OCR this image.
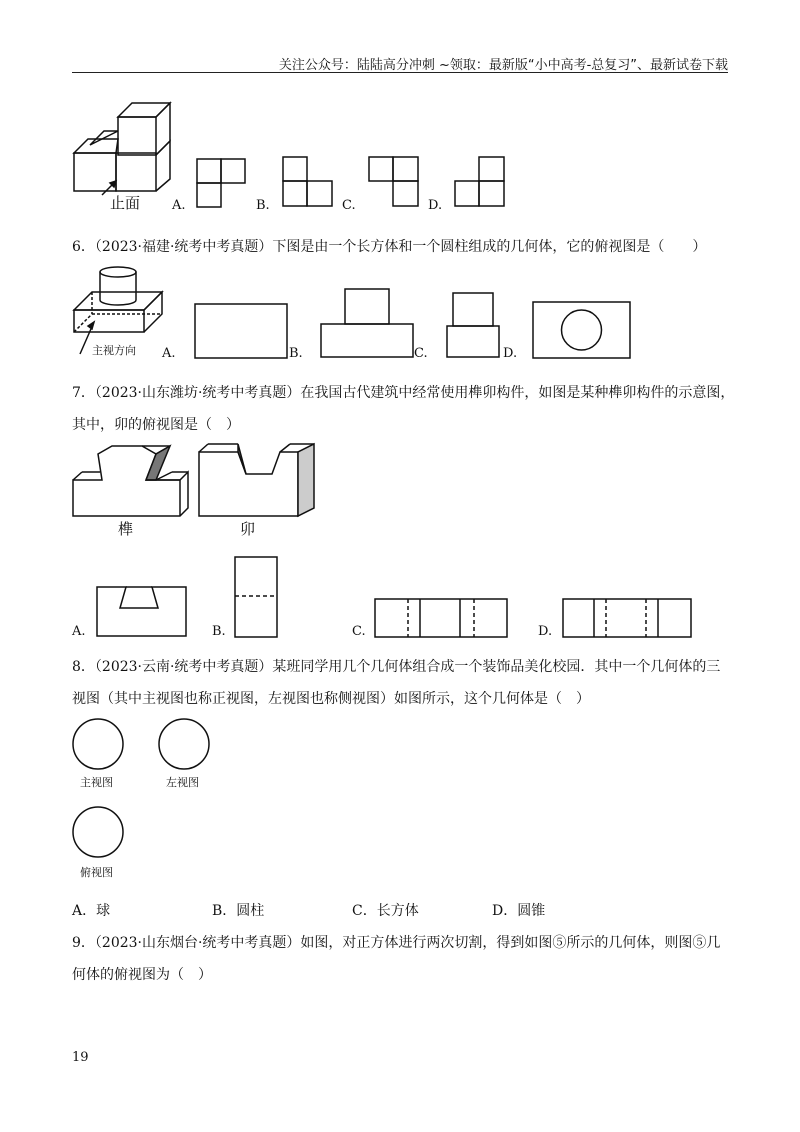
关注公众号：陆陆高分冲刺 ~领取：最新版“小中高考-总复习”、最新试卷下载
止面 A.	B.	C.	D.
6．（2023·福建·统考中考真题）下图是由一个长方体和一个圆柱组成的几何体，它的俯视图是（　　）
主视方向 A.	B.	C.	D.
7．（2023·山东潍坊·统考中考真题）在我国古代建筑中经常使用榫卯构件，如图是某种榫卯构件的示意图，
其中，卯的俯视图是（　）
榫	卯
A.	B.	C.	D.
8．（2023·云南·统考中考真题）某班同学用几个几何体组合成一个装饰品美化校园．其中一个几何体的三
视图（其中主视图也称正视图，左视图也称侧视图）如图所示，这个几何体是（　）
主视图	左视图
俯视图
A．球	B．圆柱	C．长方体	D．圆锥
9．（2023·山东烟台·统考中考真题）如图，对正方体进行两次切割，得到如图⑤所示的几何体，则图⑤几
何体的俯视图为（　）
19
